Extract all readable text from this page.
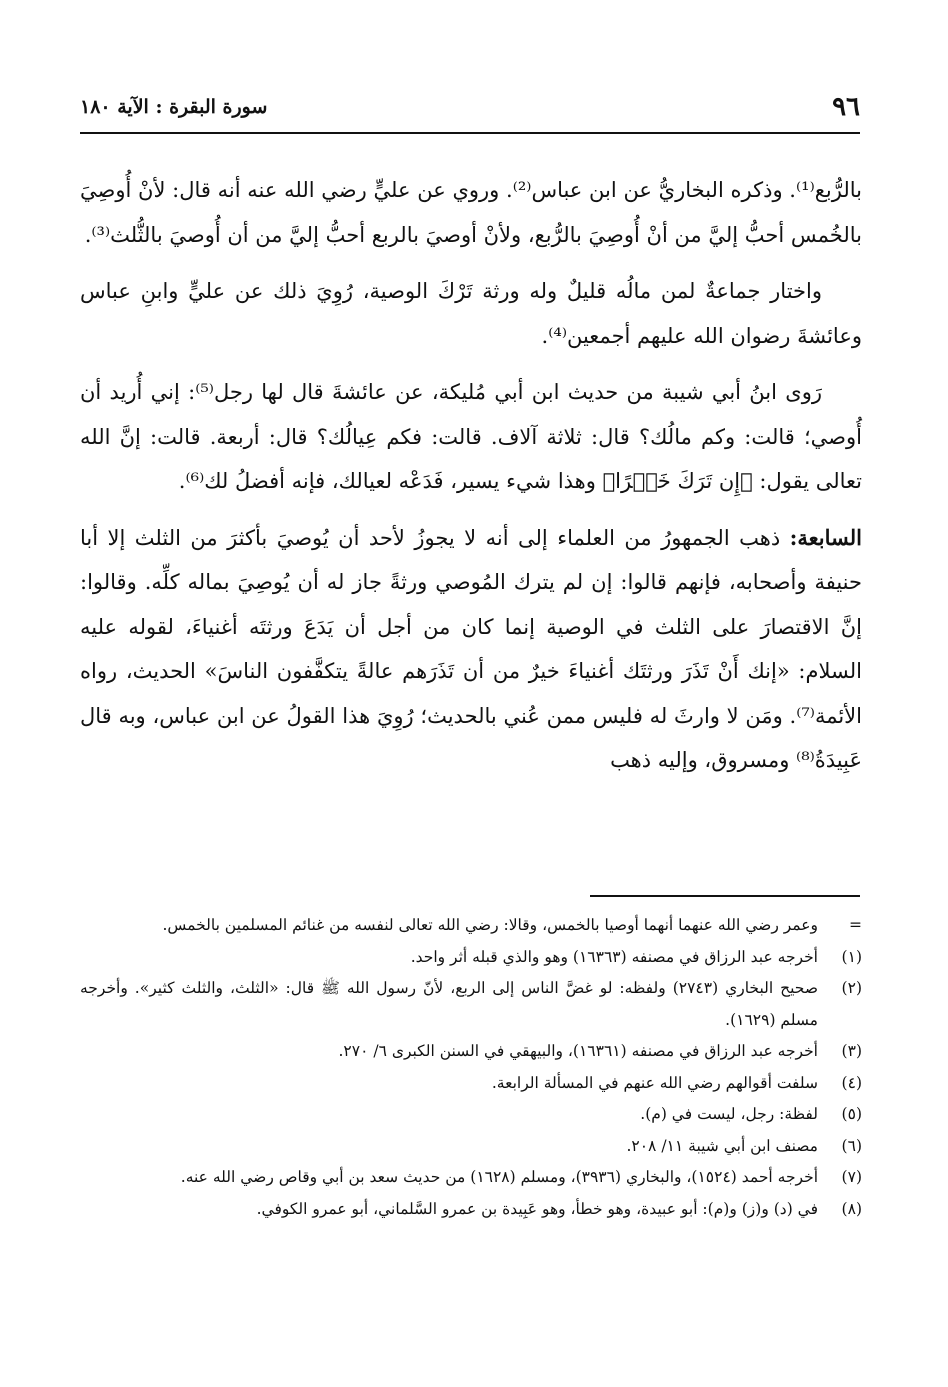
٩٦
سورة البقرة : الآية ١٨٠

بالرُّبع⁽¹⁾. وذكره البخاريُّ عن ابن عباس⁽²⁾. وروي عن عليٍّ رضي الله عنه أنه قال: لأنْ أُوصِيَ بالخُمس أحبُّ إليَّ من أنْ أُوصِيَ بالرُّبع، ولأنْ أوصيَ بالربع أحبُّ إليَّ من أن أُوصيَ بالثُّلث⁽³⁾.

واختار جماعةٌ لمن مالُه قليلٌ وله ورثة تَرْكَ الوصية، رُوِيَ ذلك عن عليٍّ وابنِ عباس وعائشةَ رضوان الله عليهم أجمعين⁽⁴⁾.

رَوى ابنُ أبي شيبة من حديث ابن أبي مُليكة، عن عائشةَ قال لها رجل⁽⁵⁾: إني أُريد أن أُوصي؛ قالت: وكم مالُك؟ قال: ثلاثة آلاف. قالت: فكم عِيالُك؟ قال: أربعة. قالت: إنَّ الله تعالى يقول: ﴿إِن تَرَكَ خَيۡرًا﴾ وهذا شيء يسير، فَدَعْه لعيالك، فإنه أفضلُ لك⁽⁶⁾.

السابعة: ذهب الجمهورُ من العلماء إلى أنه لا يجوزُ لأحد أن يُوصيَ بأكثرَ من الثلث إلا أبا حنيفة وأصحابه، فإنهم قالوا: إن لم يترك المُوصي ورثةً جاز له أن يُوصِيَ بماله كلِّه. وقالوا: إنَّ الاقتصارَ على الثلث في الوصية إنما كان من أجل أن يَدَعَ ورثتَه أغنياءَ، لقوله عليه السلام: «إنك أَنْ تَذَرَ ورثتَك أغنياءَ خيرٌ من أن تَذَرَهم عالةً يتكفَّفون الناسَ» الحديث، رواه الأئمة⁽⁷⁾. ومَن لا وارثَ له فليس ممن عُني بالحديث؛ رُوِيَ هذا القولُ عن ابن عباس، وبه قال عَبِيدَةُ⁽⁸⁾ ومسروق، وإليه ذهب

=
وعمر رضي الله عنهما أنهما أوصيا بالخمس، وقالا: رضي الله تعالى لنفسه من غنائم المسلمين بالخمس.

(١)
أخرجه عبد الرزاق في مصنفه (١٦٣٦٣) وهو والذي قبله أثر واحد.

(٢)
صحيح البخاري (٢٧٤٣) ولفظه: لو غضَّ الناس إلى الربع، لأنّ رسول الله ﷺ قال: «الثلث، والثلث كثير». وأخرجه مسلم (١٦٢٩).

(٣)
أخرجه عبد الرزاق في مصنفه (١٦٣٦١)، والبيهقي في السنن الكبرى ٦/ ٢٧٠.

(٤)
سلفت أقوالهم رضي الله عنهم في المسألة الرابعة.

(٥)
لفظة: رجل، ليست في (م).

(٦)
مصنف ابن أبي شيبة ١١/ ٢٠٨.

(٧)
أخرجه أحمد (١٥٢٤)، والبخاري (٣٩٣٦)، ومسلم (١٦٢٨) من حديث سعد بن أبي وقاص رضي الله عنه.

(٨)
في (د) و(ز) و(م): أبو عبيدة، وهو خطأ، وهو عَبِيدة بن عمرو السَّلماني، أبو عمرو الكوفي.
